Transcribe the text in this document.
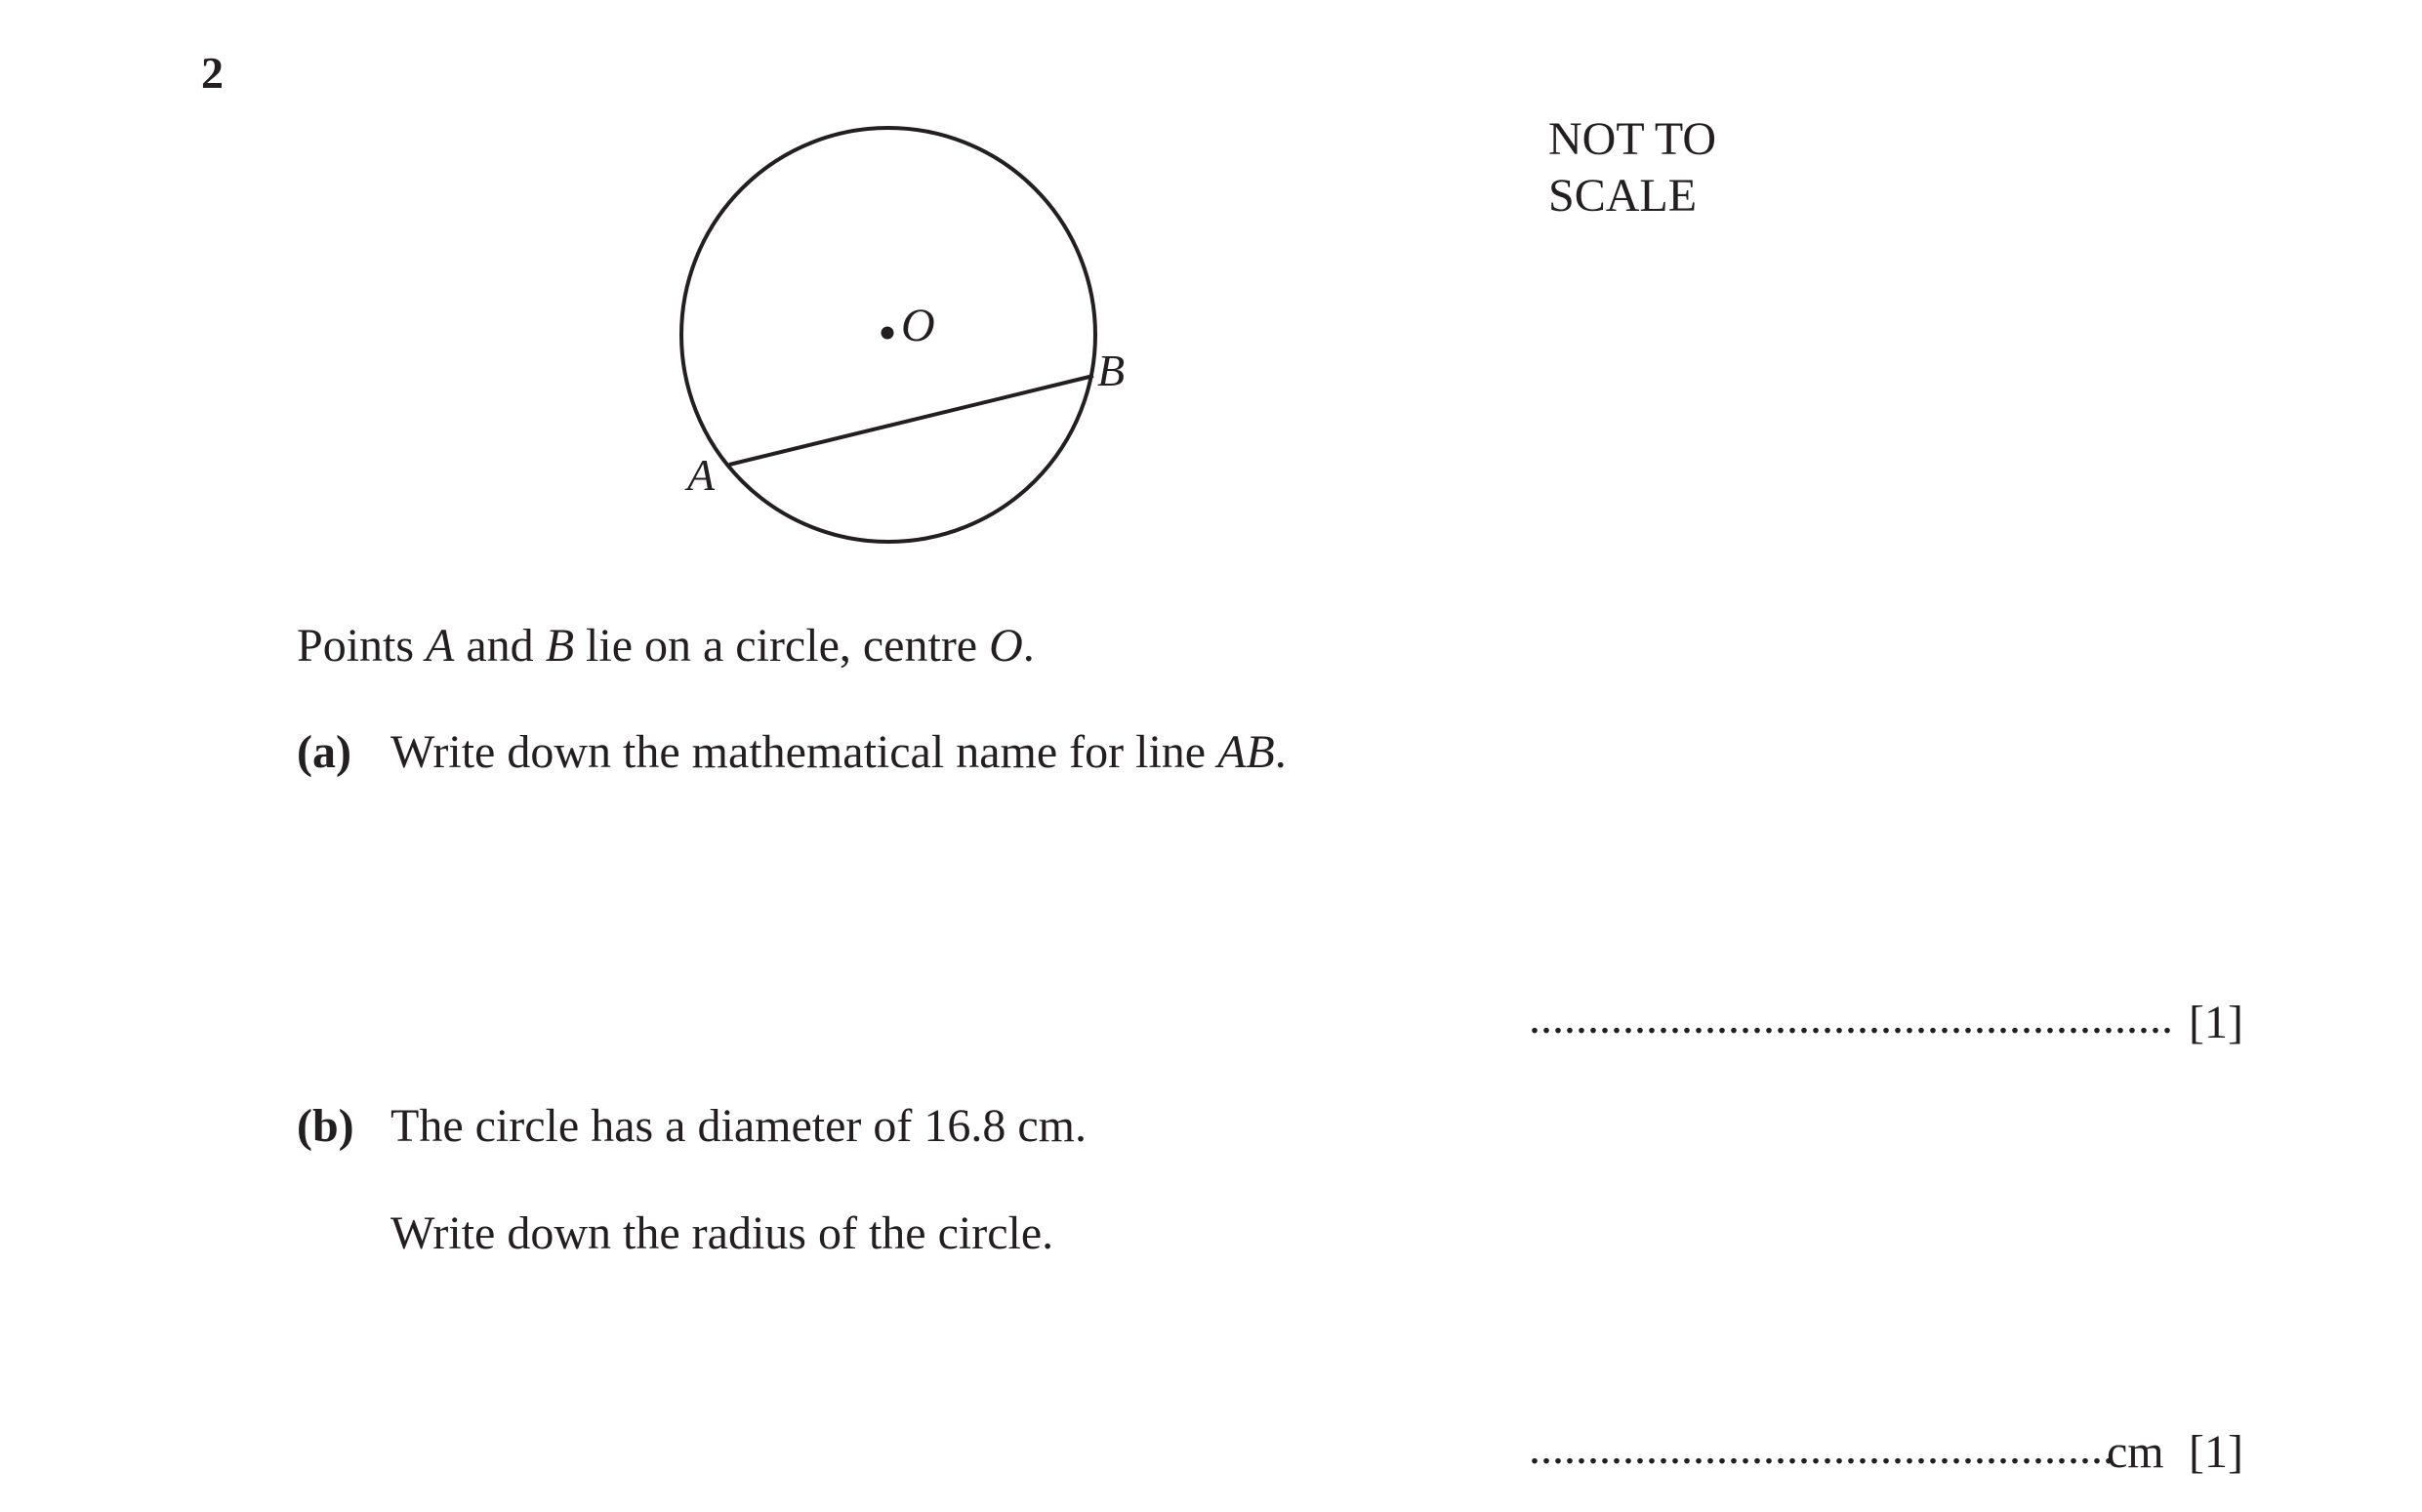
2
NOT TO
SCALE
O
B
A
Points A and B lie on a circle, centre O.
(a) Write down the mathematical name for line AB.
....................................................... [1]
(b) The circle has a diameter of 16.8 cm.
Write down the radius of the circle.
..................................................
cm [1]
